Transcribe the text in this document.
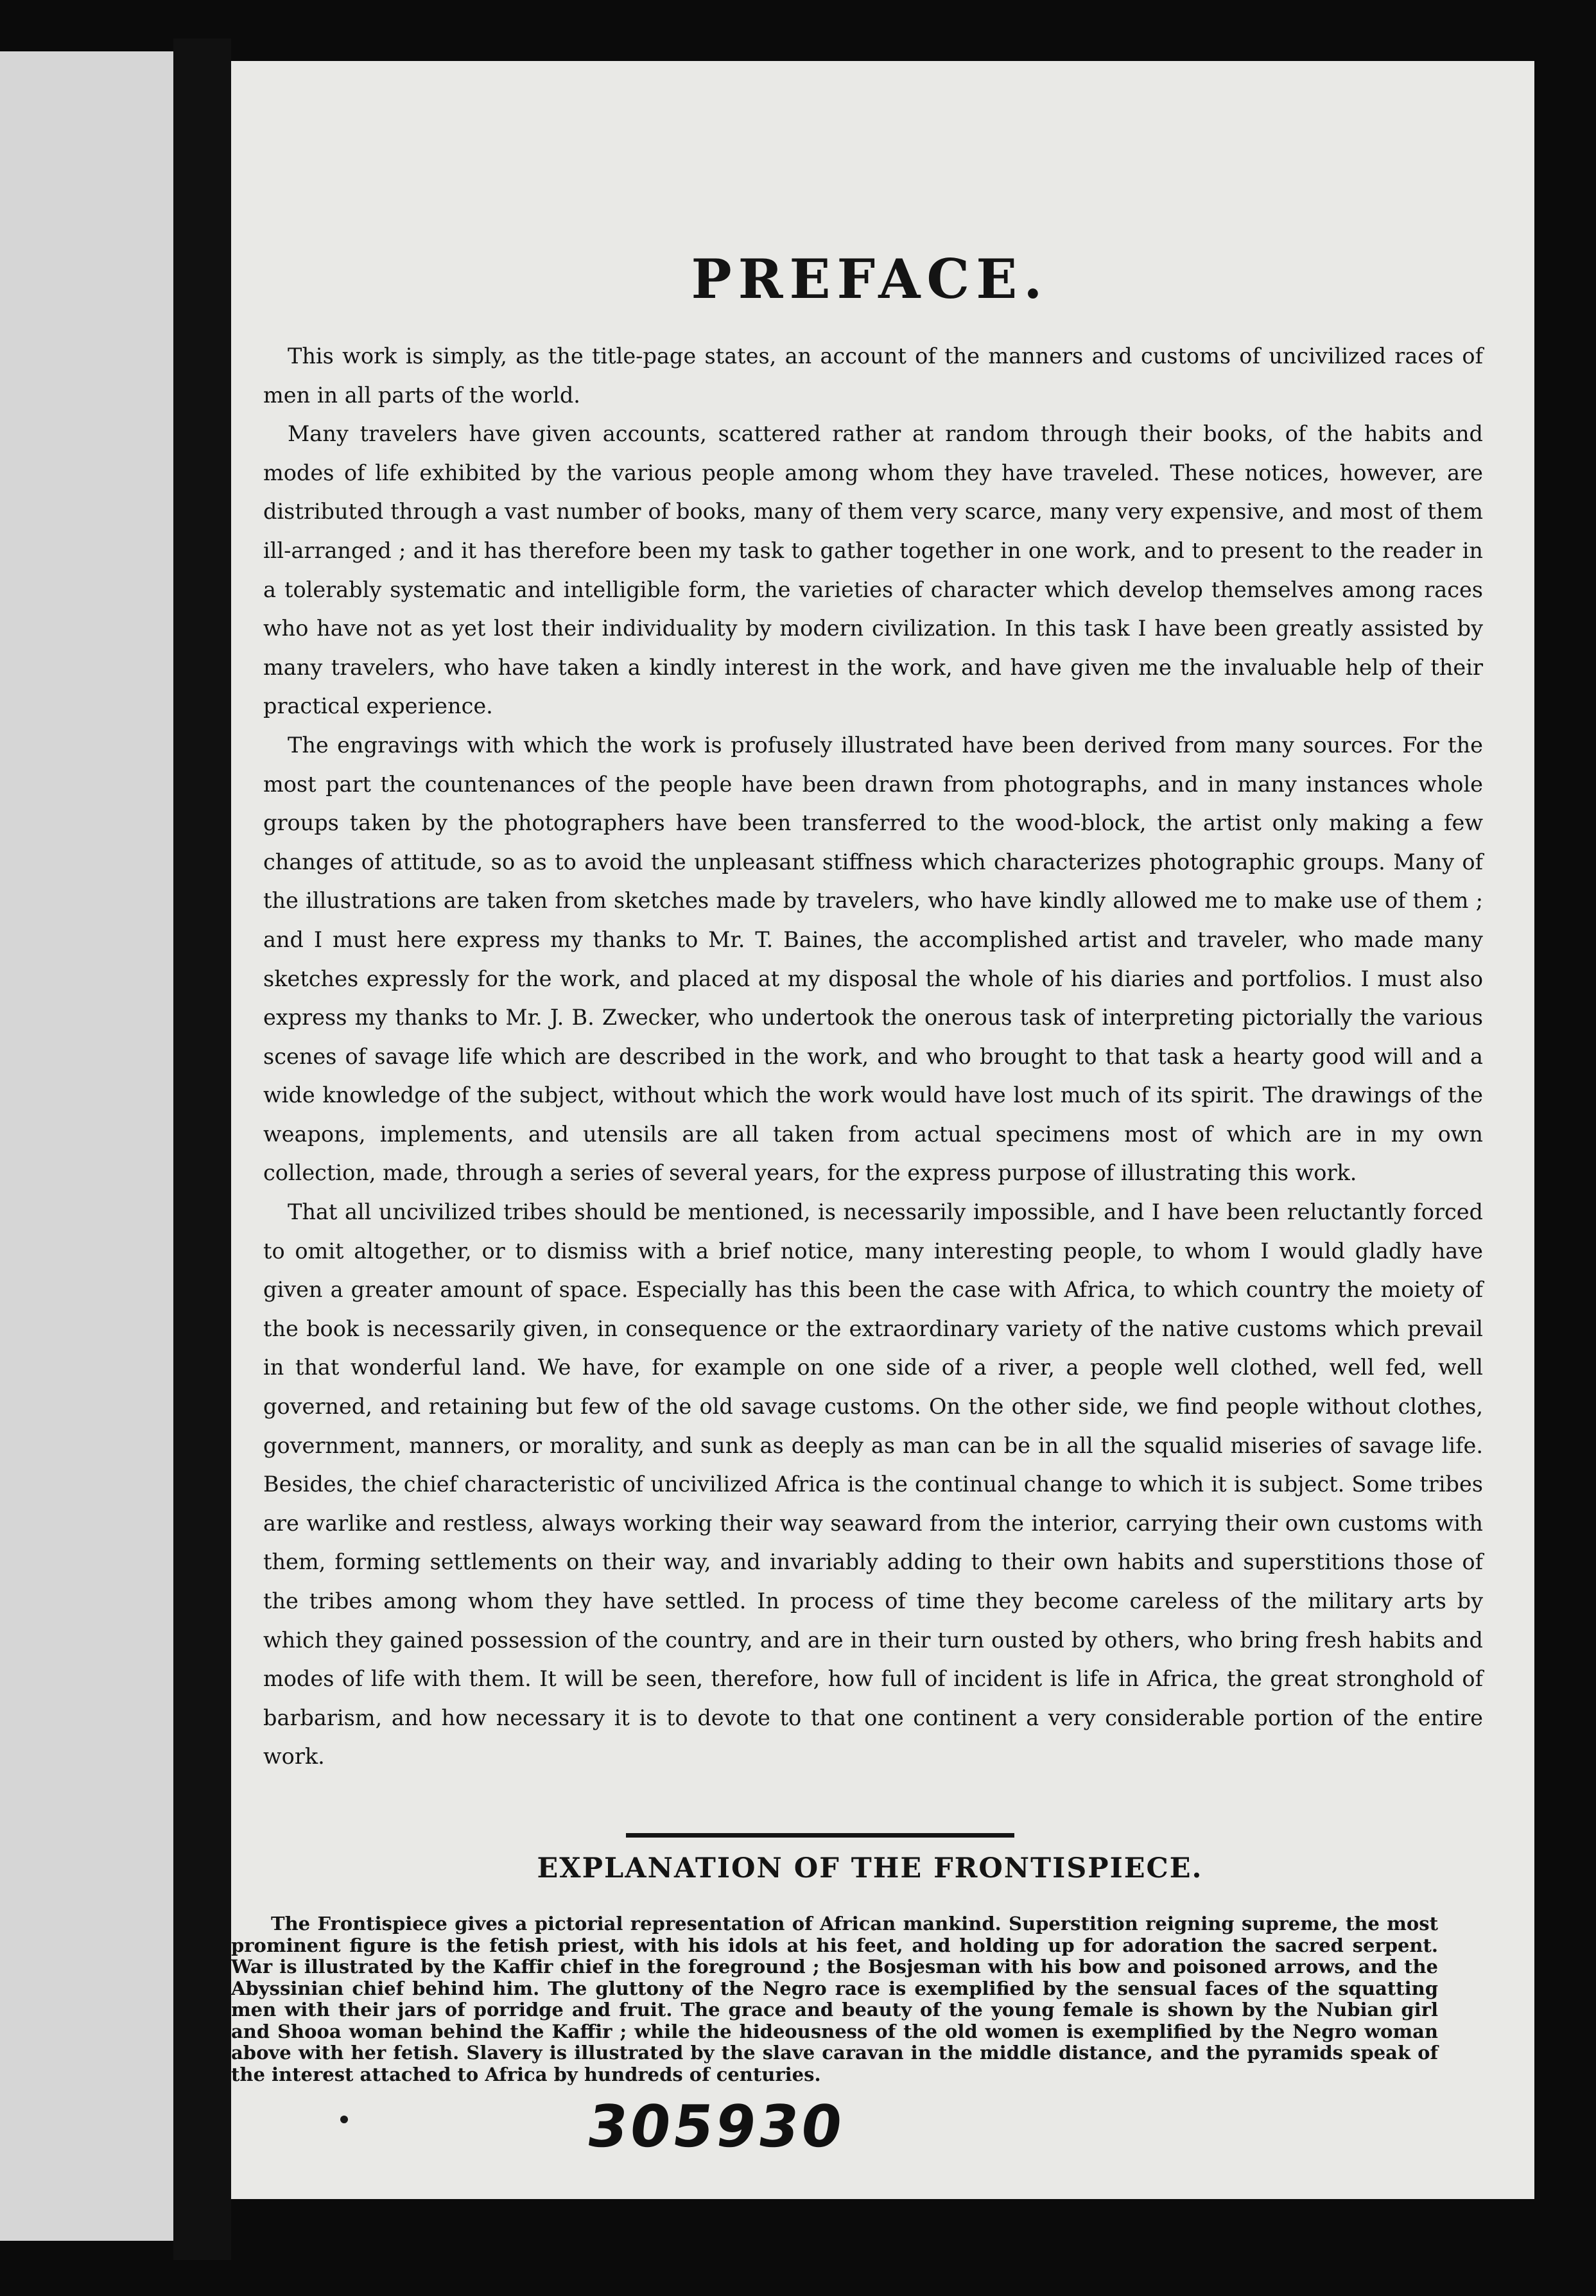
PREFACE.

This work is simply, as the title-page states, an account of the manners and customs of uncivilized races of men in all parts of the world.

Many travelers have given accounts, scattered rather at random through their books, of the habits and modes of life exhibited by the various people among whom they have traveled. These notices, however, are distributed through a vast number of books, many of them very scarce, many very expensive, and most of them ill-arranged ; and it has therefore been my task to gather together in one work, and to present to the reader in a tolerably systematic and intelligible form, the varieties of character which develop themselves among races who have not as yet lost their individuality by modern civilization. In this task I have been greatly assisted by many travelers, who have taken a kindly interest in the work, and have given me the invaluable help of their practical experience.

The engravings with which the work is profusely illustrated have been derived from many sources. For the most part the countenances of the people have been drawn from photographs, and in many instances whole groups taken by the photographers have been transferred to the wood-block, the artist only making a few changes of attitude, so as to avoid the unpleasant stiffness which characterizes photographic groups. Many of the illustrations are taken from sketches made by travelers, who have kindly allowed me to make use of them ; and I must here express my thanks to Mr. T. Baines, the accomplished artist and traveler, who made many sketches expressly for the work, and placed at my disposal the whole of his diaries and portfolios. I must also express my thanks to Mr. J. B. Zwecker, who undertook the onerous task of interpreting pictorially the various scenes of savage life which are described in the work, and who brought to that task a hearty good will and a wide knowledge of the subject, without which the work would have lost much of its spirit. The drawings of the weapons, implements, and utensils are all taken from actual specimens most of which are in my own collection, made, through a series of several years, for the express purpose of illustrating this work.

That all uncivilized tribes should be mentioned, is necessarily impossible, and I have been reluctantly forced to omit altogether, or to dismiss with a brief notice, many interesting people, to whom I would gladly have given a greater amount of space. Especially has this been the case with Africa, to which country the moiety of the book is necessarily given, in consequence or the extraordinary variety of the native customs which prevail in that wonderful land. We have, for example on one side of a river, a people well clothed, well fed, well governed, and retaining but few of the old savage customs. On the other side, we find people without clothes, government, manners, or morality, and sunk as deeply as man can be in all the squalid miseries of savage life. Besides, the chief characteristic of uncivilized Africa is the continual change to which it is subject. Some tribes are warlike and restless, always working their way seaward from the interior, carrying their own customs with them, forming settlements on their way, and invariably adding to their own habits and superstitions those of the tribes among whom they have settled. In process of time they become careless of the military arts by which they gained possession of the country, and are in their turn ousted by others, who bring fresh habits and modes of life with them. It will be seen, therefore, how full of incident is life in Africa, the great stronghold of barbarism, and how necessary it is to devote to that one continent a very considerable portion of the entire work.

EXPLANATION OF THE FRONTISPIECE.

The Frontispiece gives a pictorial representation of African mankind. Superstition reigning supreme, the most prominent figure is the fetish priest, with his idols at his feet, and holding up for adoration the sacred serpent. War is illustrated by the Kaffir chief in the foreground ; the Bosjesman with his bow and poisoned arrows, and the Abyssinian chief behind him. The gluttony of the Negro race is exemplified by the sensual faces of the squatting men with their jars of porridge and fruit. The grace and beauty of the young female is shown by the Nubian girl and Shooa woman behind the Kaffir ; while the hideousness of the old women is exemplified by the Negro woman above with her fetish. Slavery is illustrated by the slave caravan in the middle distance, and the pyramids speak of the interest attached to Africa by hundreds of centuries.

305930
